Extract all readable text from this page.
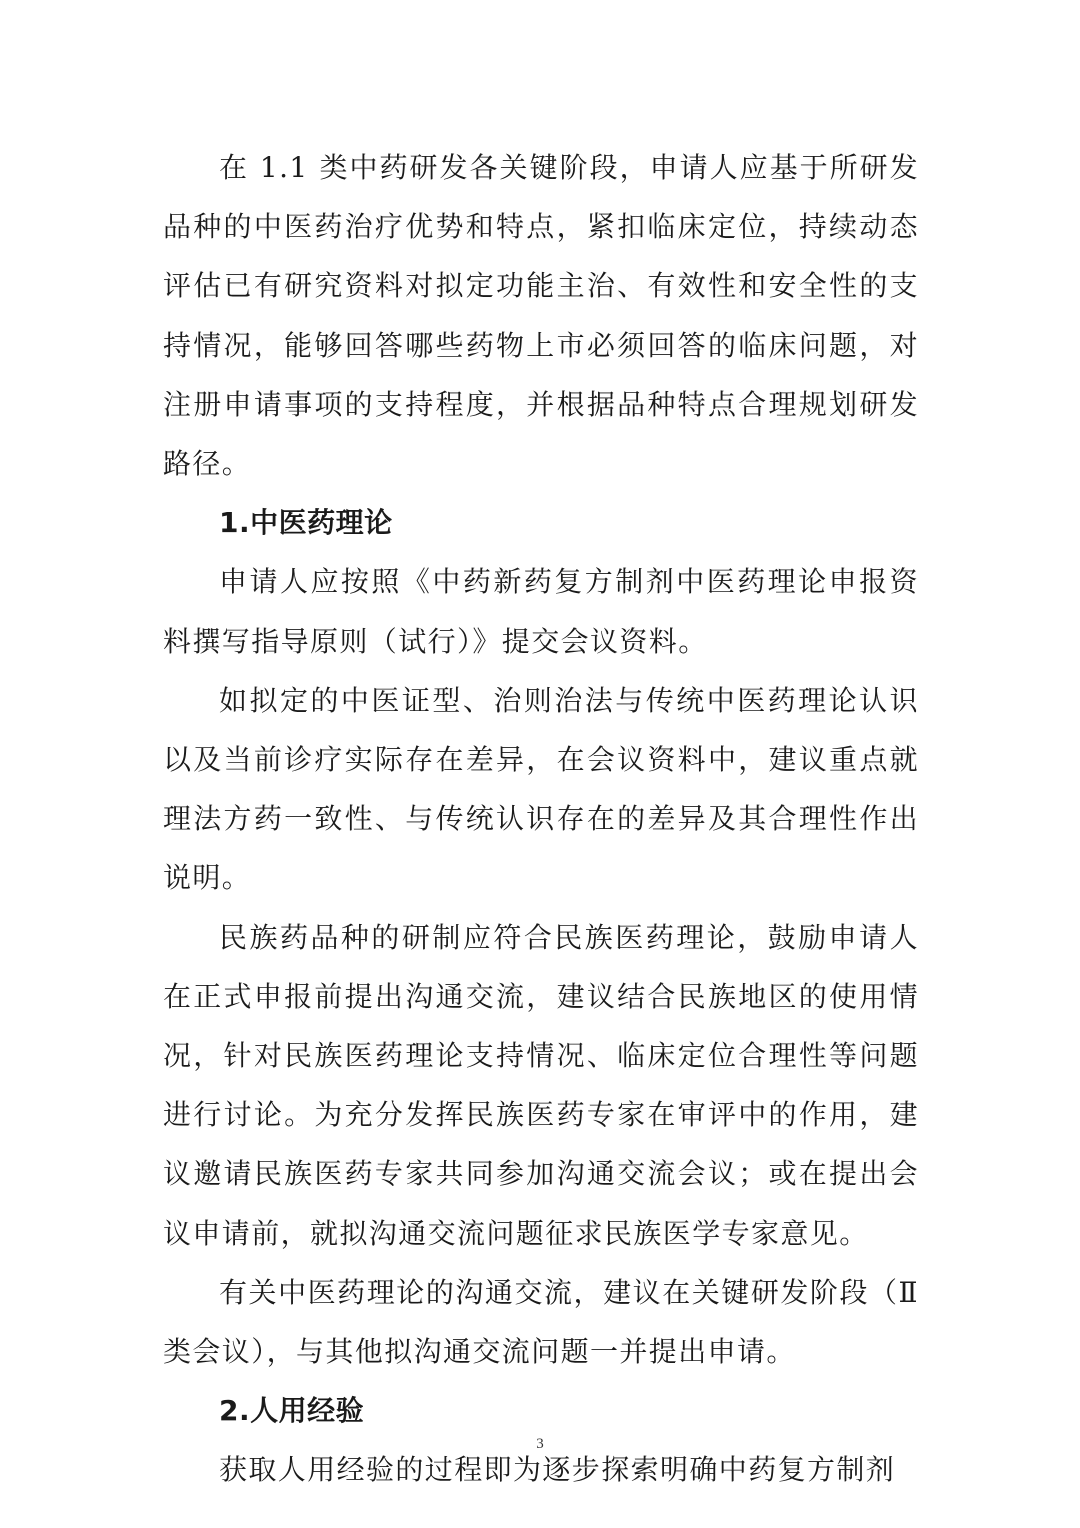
在 1.1 类中药研发各关键阶段，申请人应基于所研发品种的中医药治疗优势和特点，紧扣临床定位，持续动态评估已有研究资料对拟定功能主治、有效性和安全性的支持情况，能够回答哪些药物上市必须回答的临床问题，对注册申请事项的支持程度，并根据品种特点合理规划研发路径。

1.中医药理论

申请人应按照《中药新药复方制剂中医药理论申报资料撰写指导原则（试行）》提交会议资料。

如拟定的中医证型、治则治法与传统中医药理论认识以及当前诊疗实际存在差异，在会议资料中，建议重点就理法方药一致性、与传统认识存在的差异及其合理性作出说明。

民族药品种的研制应符合民族医药理论，鼓励申请人在正式申报前提出沟通交流，建议结合民族地区的使用情况，针对民族医药理论支持情况、临床定位合理性等问题进行讨论。为充分发挥民族医药专家在审评中的作用，建议邀请民族医药专家共同参加沟通交流会议；或在提出会议申请前，就拟沟通交流问题征求民族医学专家意见。

有关中医药理论的沟通交流，建议在关键研发阶段（Ⅱ类会议），与其他拟沟通交流问题一并提出申请。

2.人用经验

获取人用经验的过程即为逐步探索明确中药复方制剂

3
